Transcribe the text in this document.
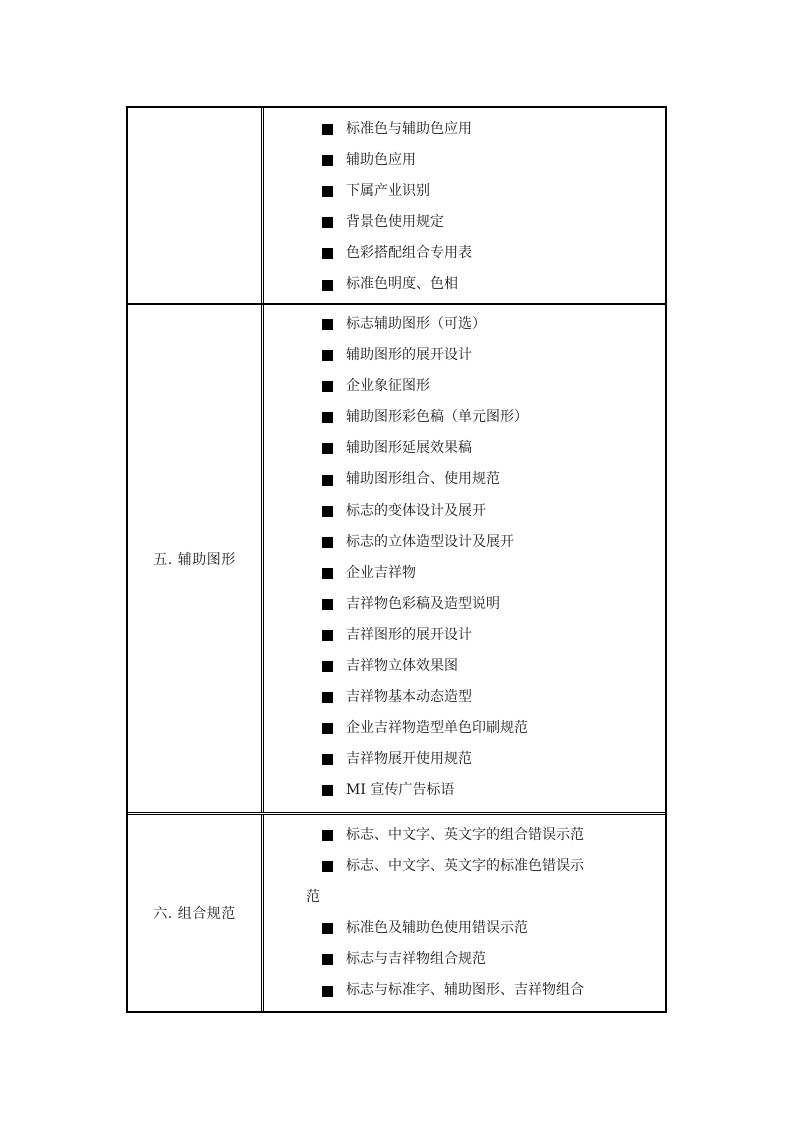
标准色与辅助色应用
辅助色应用
下属产业识别
背景色使用规定
色彩搭配组合专用表
标准色明度、色相
五. 辅助图形
标志辅助图形（可选）
辅助图形的展开设计
企业象征图形
辅助图形彩色稿（单元图形）
辅助图形延展效果稿
辅助图形组合、使用规范
标志的变体设计及展开
标志的立体造型设计及展开
企业吉祥物
吉祥物色彩稿及造型说明
吉祥图形的展开设计
吉祥物立体效果图
吉祥物基本动态造型
企业吉祥物造型单色印刷规范
吉祥物展开使用规范
MI 宣传广告标语
六. 组合规范
标志、中文字、英文字的组合错误示范
标志、中文字、英文字的标准色错误示
范
标准色及辅助色使用错误示范
标志与吉祥物组合规范
标志与标准字、辅助图形、吉祥物组合
